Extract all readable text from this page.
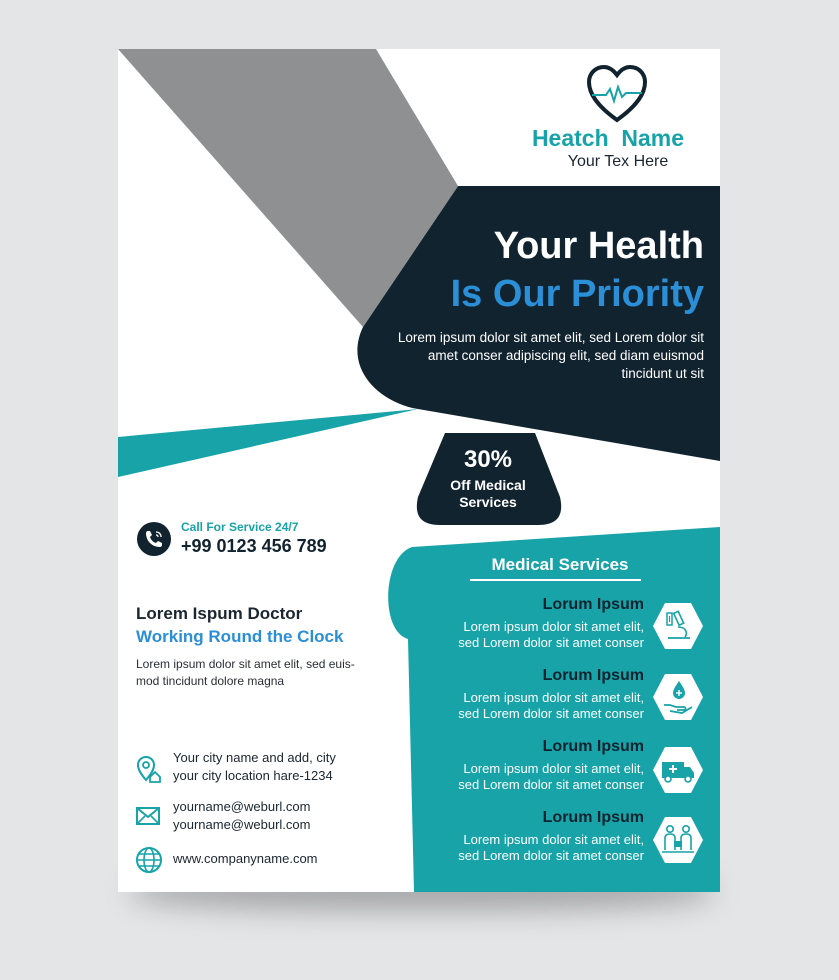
Heatch  Name
Your Tex Here
IMAGE HERE	Your Health
Is Our Priority
Lorem ipsum dolor sit amet elit, sed Lorem dolor sit amet conser adipiscing elit, sed diam euismod tincidunt ut sit
30%
Off Medical
Services
Call For Service 24/7
+99 0123 456 789
Lorem Ispum Doctor
Working Round the Clock
Lorem ipsum dolor sit amet elit, sed euis-
mod tincidunt dolore magna
Your city name and add, city
your city location hare-1234
yourname@weburl.com
yourname@weburl.com
www.companyname.com
Medical Services
Lorum Ipsum
Lorem ipsum dolor sit amet elit,
sed Lorem dolor sit amet conser
Lorum Ipsum
Lorem ipsum dolor sit amet elit,
sed Lorem dolor sit amet conser
Lorum Ipsum
Lorem ipsum dolor sit amet elit,
sed Lorem dolor sit amet conser
Lorum Ipsum
Lorem ipsum dolor sit amet elit,
sed Lorem dolor sit amet conser
